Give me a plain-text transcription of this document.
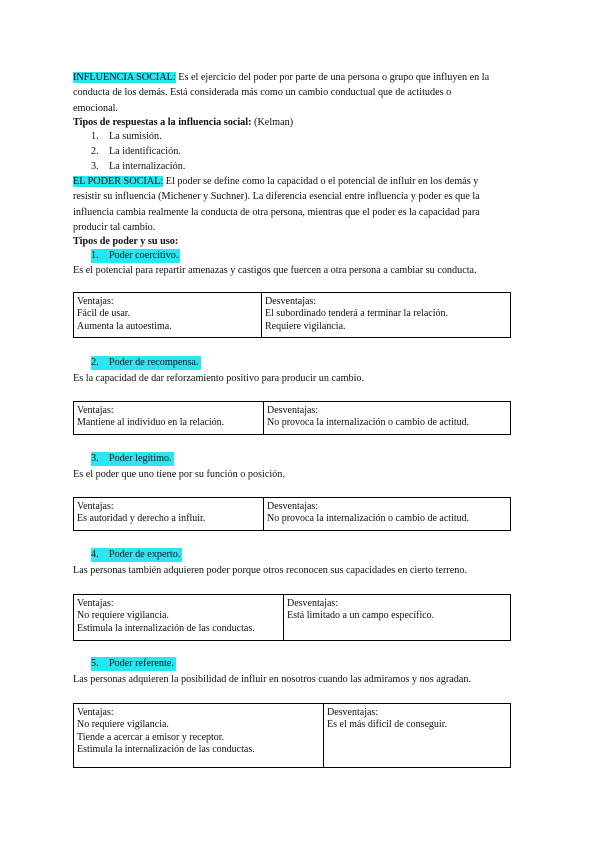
INFLUENCIA SOCIAL: Es el ejercicio del poder por parte de una persona o grupo que influyen en la
conducta de los demás. Está considerada más como un cambio conductual que de actitudes o
emocional.
Tipos de respuestas a la influencia social: (Kelman)
1. La sumisión.
2. La identificación.
3. La internalización.
EL PODER SOCIAL: El poder se define como la capacidad o el potencial de influir en los demás y
resistir su influencia (Michener y Suchner). La diferencia esencial entre influencia y poder es que la
influencia cambia realmente la conducta de otra persona, mientras que el poder es la capacidad para
producir tal cambio.
Tipos de poder y su uso:
1. Poder coercitivo.
Es el potencial para repartir amenazas y castigos que fuercen a otra persona a cambiar su conducta.
Ventajas:
Fácil de usar.
Aumenta la autoestima.

Desventajas:
El subordinado tenderá a terminar la relación.
Requiere vigilancia.
2. Poder de recompensa.
Es la capacidad de dar reforzamiento positivo para producir un cambio.
Ventajas:
Mantiene al individuo en la relación.

Desventajas:
No provoca la internalización o cambio de actitud.
3. Poder legítimo.
Es el poder que uno tiene por su función o posición.
Ventajas:
Es autoridad y derecho a influir.

Desventajas:
No provoca la internalización o cambio de actitud.
4. Poder de experto.
Las personas también adquieren poder porque otros reconocen sus capacidades en cierto terreno.
Ventajas:
No requiere vigilancia.
Estimula la internalización de las conductas.

Desventajas:
Está limitado a un campo específico.
5. Poder referente.
Las personas adquieren la posibilidad de influir en nosotros cuando las admiramos y nos agradan.
Ventajas:
No requiere vigilancia.
Tiende a acercar a emisor y receptor.
Estimula la internalización de las conductas.

Desventajas:
Es el más difícil de conseguir.
